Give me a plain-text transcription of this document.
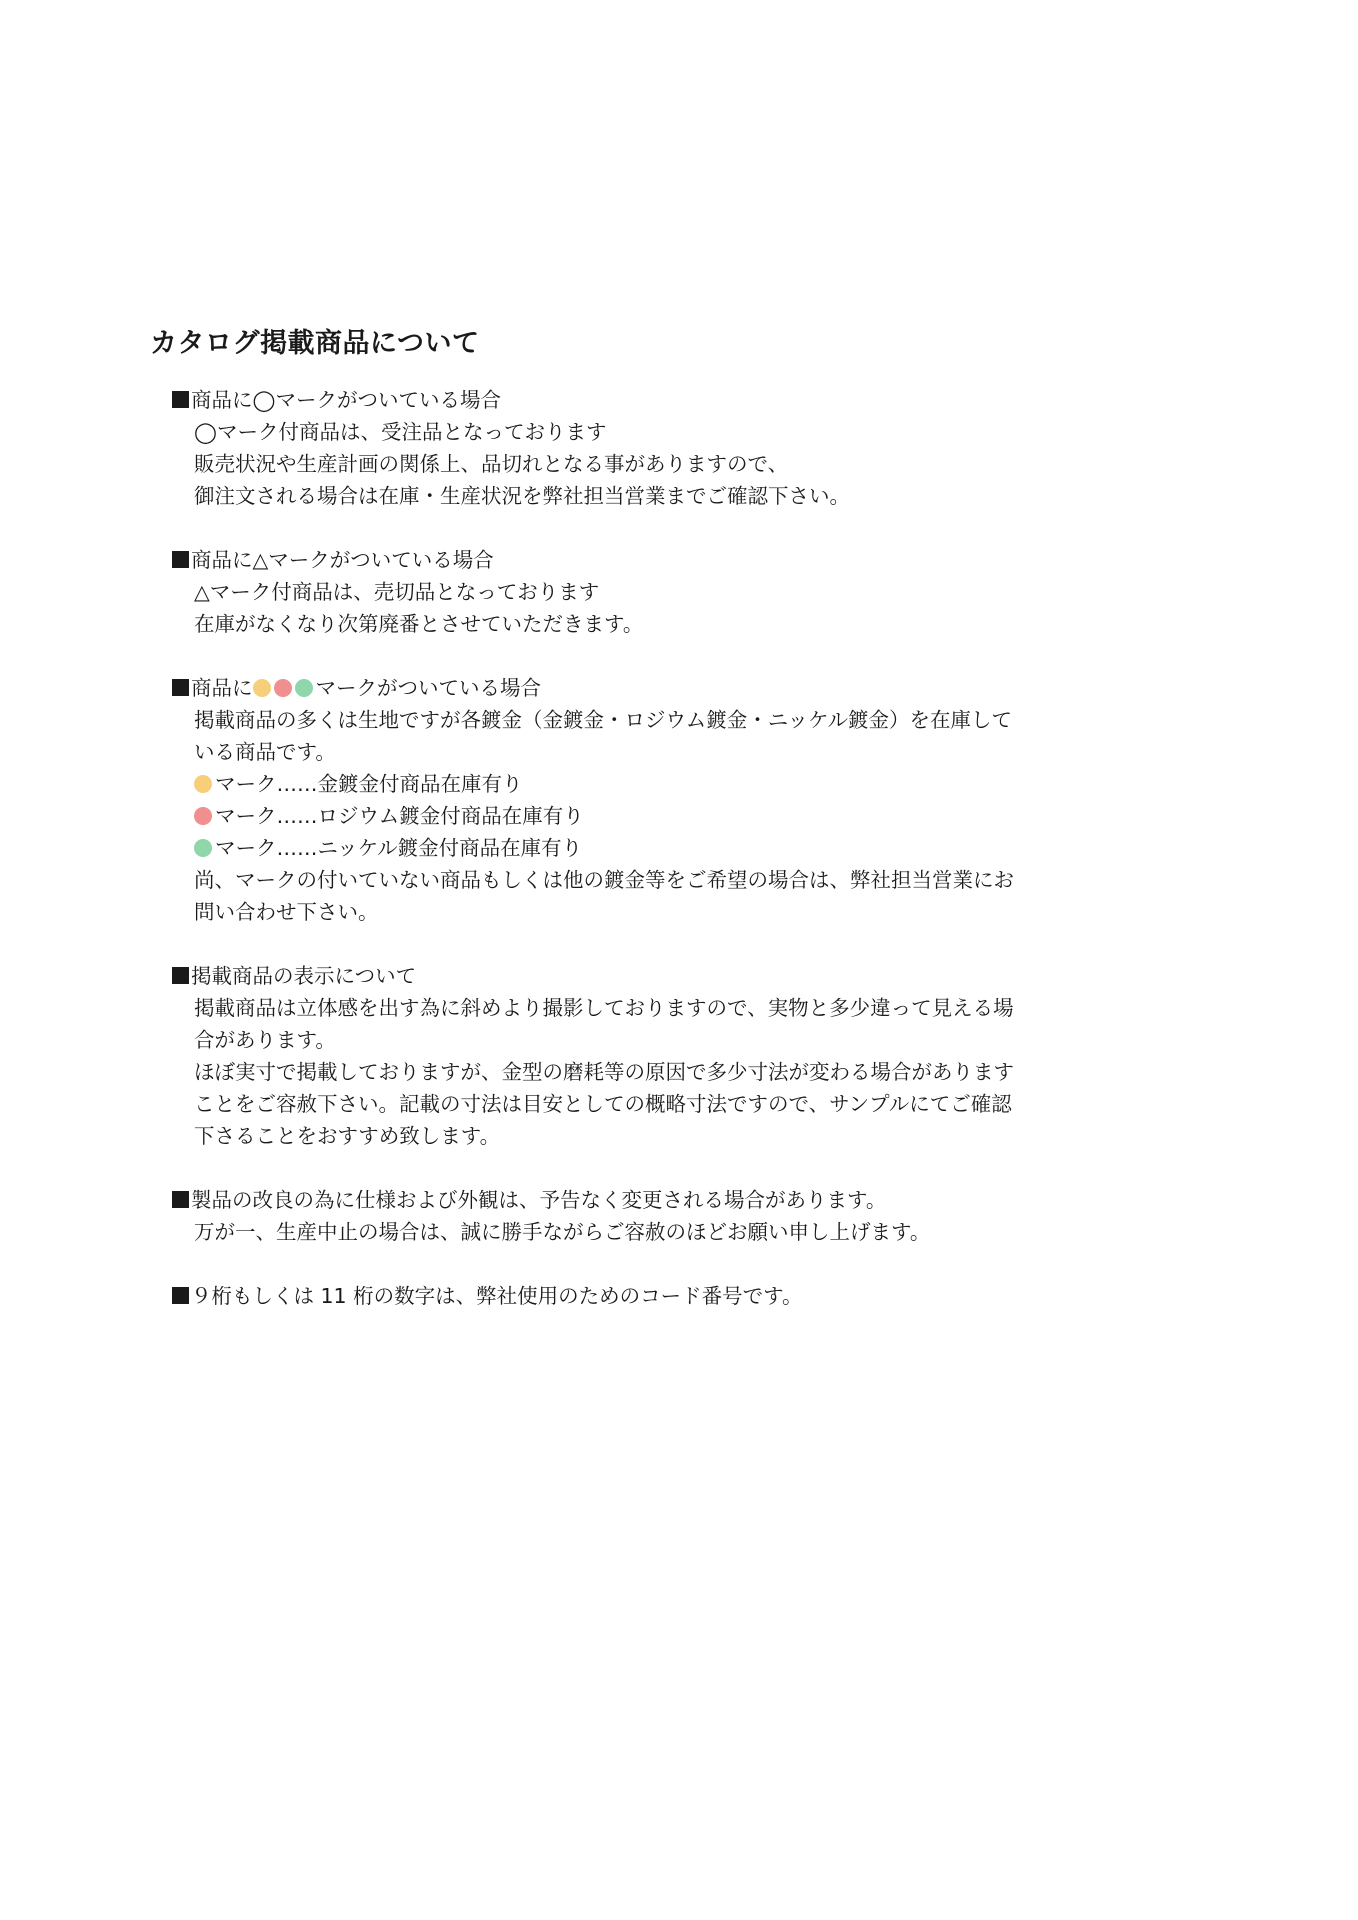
カタログ掲載商品について
商品に◯マークがついている場合
◯マーク付商品は、受注品となっております
販売状況や生産計画の関係上、品切れとなる事がありますので、
御注文される場合は在庫・生産状況を弊社担当営業までご確認下さい。
商品に△マークがついている場合
△マーク付商品は、売切品となっております
在庫がなくなり次第廃番とさせていただきます。
商品に	マークがついている場合
掲載商品の多くは生地ですが各鍍金（金鍍金・ロジウム鍍金・ニッケル鍍金）を在庫して
いる商品です。
マーク……金鍍金付商品在庫有り
マーク……ロジウム鍍金付商品在庫有り
マーク……ニッケル鍍金付商品在庫有り
尚、マークの付いていない商品もしくは他の鍍金等をご希望の場合は、弊社担当営業にお
問い合わせ下さい。
掲載商品の表示について
掲載商品は立体感を出す為に斜めより撮影しておりますので、実物と多少違って見える場
合があります。
ほぼ実寸で掲載しておりますが、金型の磨耗等の原因で多少寸法が変わる場合があります
ことをご容赦下さい。記載の寸法は目安としての概略寸法ですので、サンプルにてご確認
下さることをおすすめ致します。
製品の改良の為に仕様および外観は、予告なく変更される場合があります。
万が一、生産中止の場合は、誠に勝手ながらご容赦のほどお願い申し上げます。
９桁もしくは 11 桁の数字は、弊社使用のためのコード番号です。
